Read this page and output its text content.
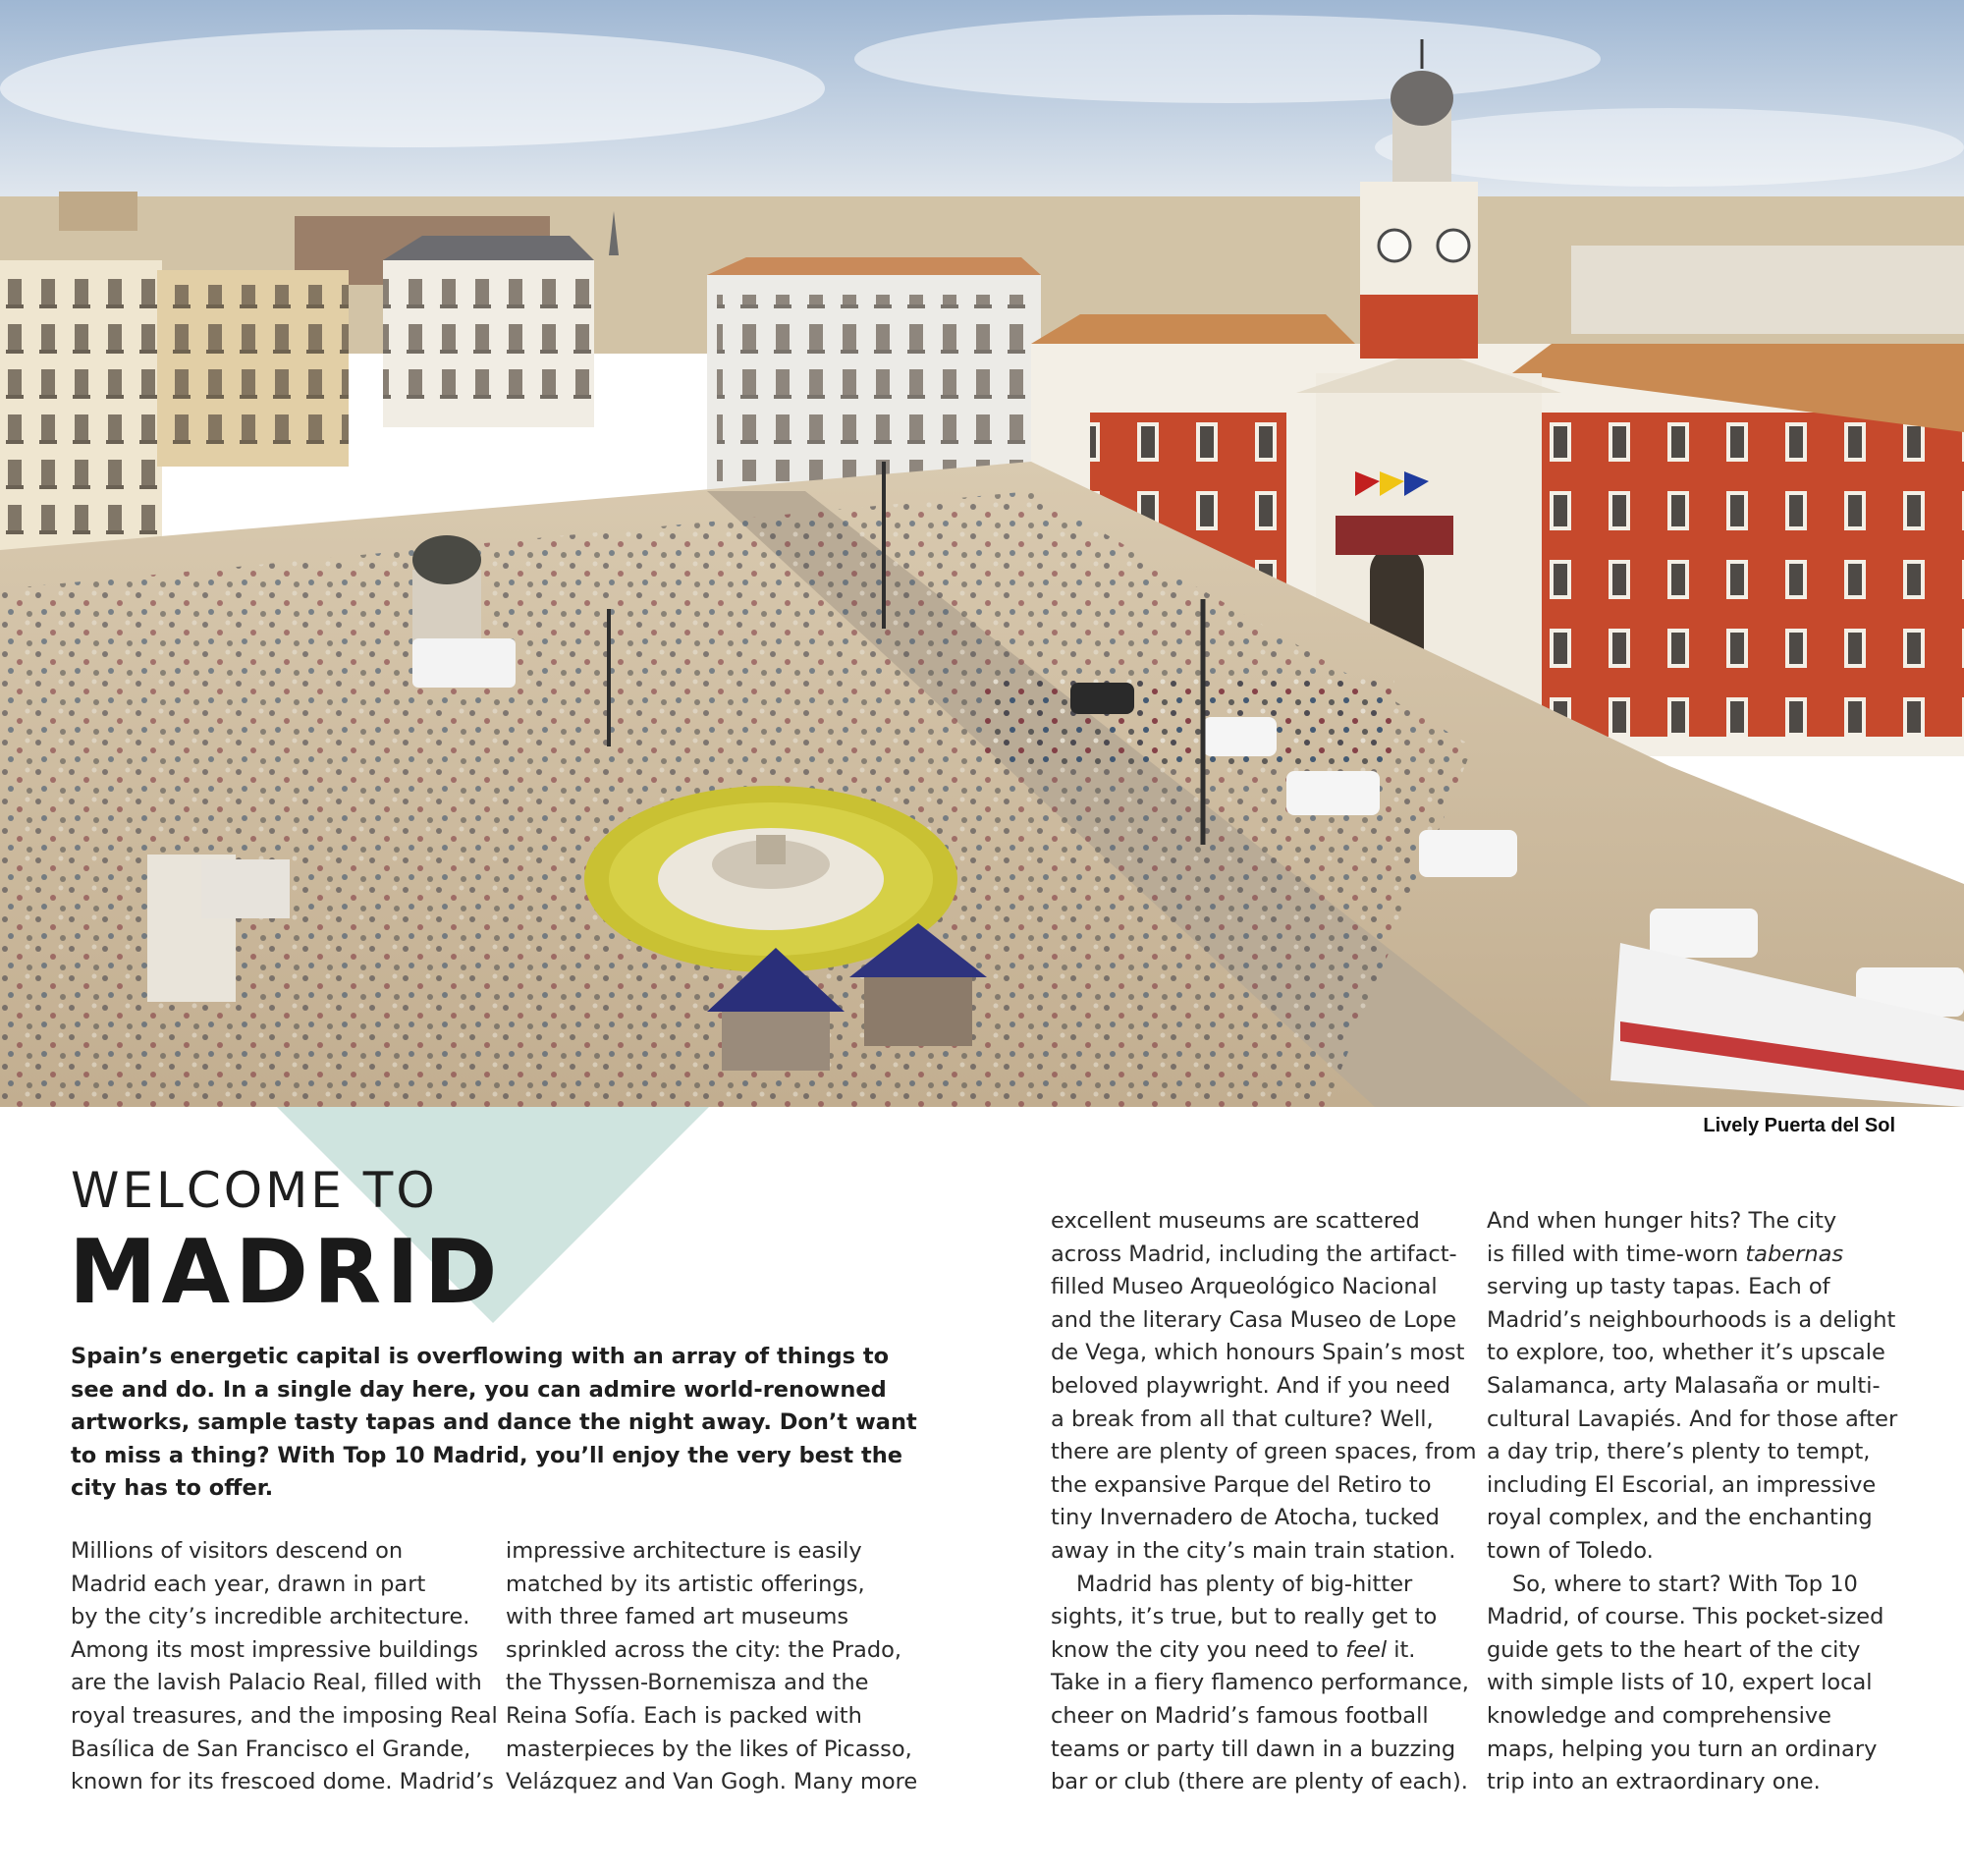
Lively Puerta del Sol
WELCOME TO
MADRID

Spain’s energetic capital is overflowing with an array of things to see and do. In a single day here, you can admire world-renowned artworks, sample tasty tapas and dance the night away. Don’t want to miss a thing? With Top 10 Madrid, you’ll enjoy the very best the city has to offer.

Millions of visitors descend on
Madrid each year, drawn in part
by the city’s incredible architecture.
Among its most impressive buildings
are the lavish Palacio Real, filled with
royal treasures, and the imposing Real
Basílica de San Francisco el Grande,
known for its frescoed dome. Madrid’s
impressive architecture is easily
matched by its artistic offerings,
with three famed art museums
sprinkled across the city: the Prado,
the Thyssen-Bornemisza and the
Reina Sofía. Each is packed with
masterpieces by the likes of Picasso,
Velázquez and Van Gogh. Many more
excellent museums are scattered
across Madrid, including the artifact-
filled Museo Arqueológico Nacional
and the literary Casa Museo de Lope
de Vega, which honours Spain’s most
beloved playwright. And if you need
a break from all that culture? Well,
there are plenty of green spaces, from
the expansive Parque del Retiro to
tiny Invernadero de Atocha, tucked
away in the city’s main train station.
Madrid has plenty of big-hitter
sights, it’s true, but to really get to
know the city you need to feel it.
Take in a fiery flamenco performance,
cheer on Madrid’s famous football
teams or party till dawn in a buzzing
bar or club (there are plenty of each).
And when hunger hits? The city
is filled with time-worn tabernas
serving up tasty tapas. Each of
Madrid’s neighbourhoods is a delight
to explore, too, whether it’s upscale
Salamanca, arty Malasaña or multi-
cultural Lavapiés. And for those after
a day trip, there’s plenty to tempt,
including El Escorial, an impressive
royal complex, and the enchanting
town of Toledo.
So, where to start? With Top 10
Madrid, of course. This pocket-sized
guide gets to the heart of the city
with simple lists of 10, expert local
knowledge and comprehensive
maps, helping you turn an ordinary
trip into an extraordinary one.
